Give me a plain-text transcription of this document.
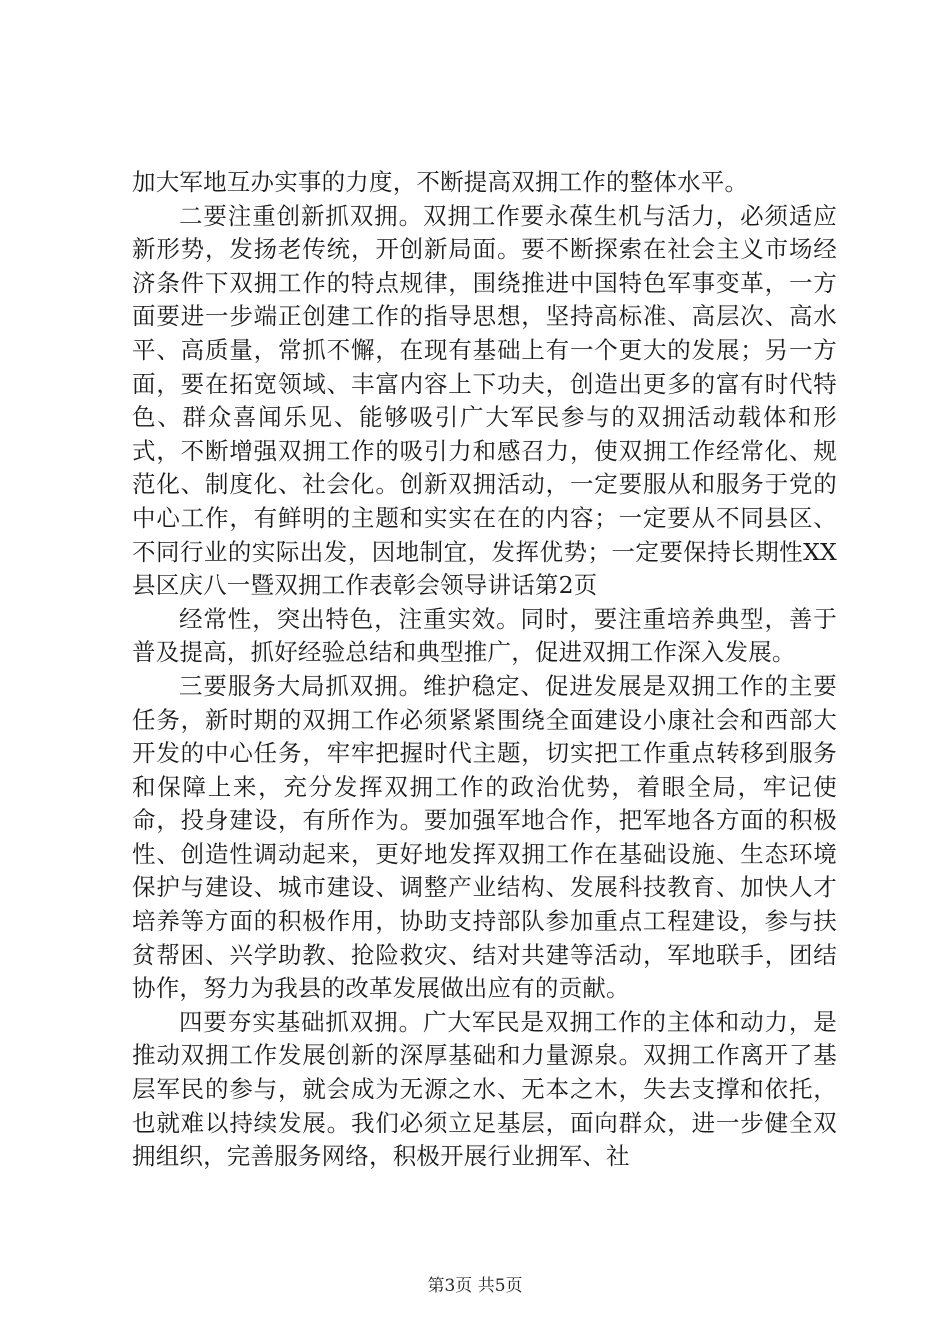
加大军地互办实事的力度，不断提高双拥工作的整体水平。

二要注重创新抓双拥。双拥工作要永葆生机与活力，必须适应新形势，发扬老传统，开创新局面。要不断探索在社会主义市场经济条件下双拥工作的特点规律，围绕推进中国特色军事变革，一方面要进一步端正创建工作的指导思想，坚持高标准、高层次、高水平、高质量，常抓不懈，在现有基础上有一个更大的发展；另一方面，要在拓宽领域、丰富内容上下功夫，创造出更多的富有时代特色、群众喜闻乐见、能够吸引广大军民参与的双拥活动载体和形式，不断增强双拥工作的吸引力和感召力，使双拥工作经常化、规范化、制度化、社会化。创新双拥活动，一定要服从和服务于党的中心工作，有鲜明的主题和实实在在的内容；一定要从不同县区、不同行业的实际出发，因地制宜，发挥优势；一定要保持长期性XX县区庆八一暨双拥工作表彰会领导讲话第2页

经常性，突出特色，注重实效。同时，要注重培养典型，善于普及提高，抓好经验总结和典型推广，促进双拥工作深入发展。

三要服务大局抓双拥。维护稳定、促进发展是双拥工作的主要任务，新时期的双拥工作必须紧紧围绕全面建设小康社会和西部大开发的中心任务，牢牢把握时代主题，切实把工作重点转移到服务和保障上来，充分发挥双拥工作的政治优势，着眼全局，牢记使命，投身建设，有所作为。要加强军地合作，把军地各方面的积极性、创造性调动起来，更好地发挥双拥工作在基础设施、生态环境保护与建设、城市建设、调整产业结构、发展科技教育、加快人才培养等方面的积极作用，协助支持部队参加重点工程建设，参与扶贫帮困、兴学助教、抢险救灾、结对共建等活动，军地联手，团结协作，努力为我县的改革发展做出应有的贡献。

四要夯实基础抓双拥。广大军民是双拥工作的主体和动力，是推动双拥工作发展创新的深厚基础和力量源泉。双拥工作离开了基层军民的参与，就会成为无源之水、无本之木，失去支撑和依托，也就难以持续发展。我们必须立足基层，面向群众，进一步健全双拥组织，完善服务网络，积极开展行业拥军、社

第3页 共5页
